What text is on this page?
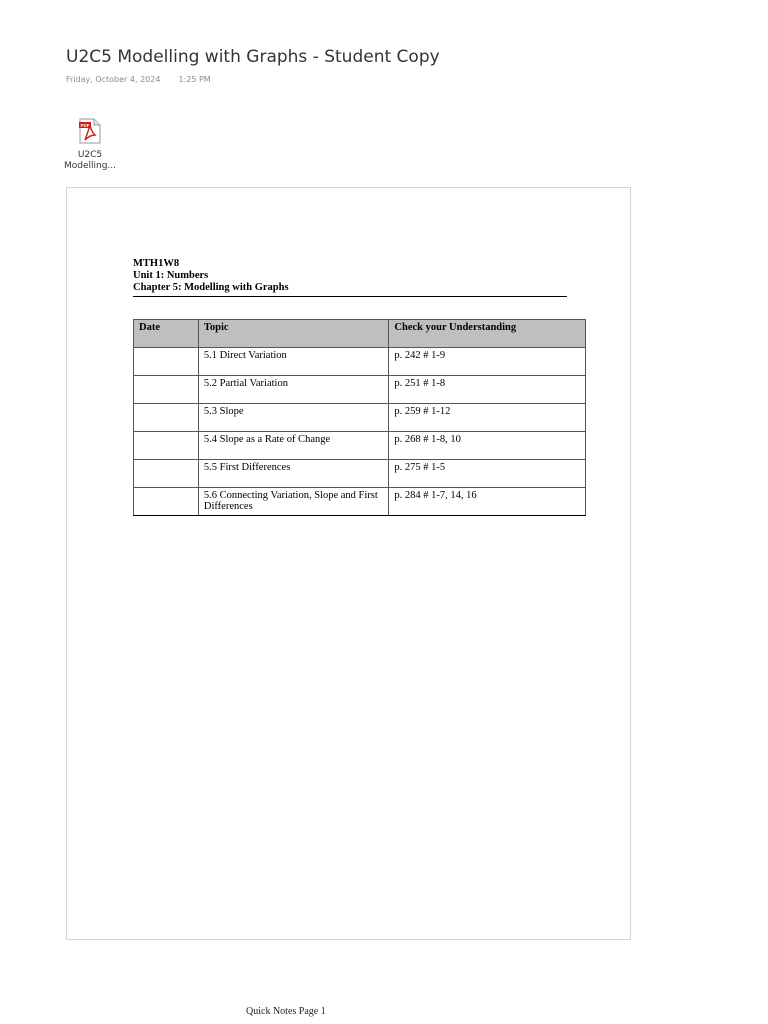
U2C5 Modelling with Graphs - Student Copy
Friday, October 4, 2024 1:25 PM
PDF
U2C5
Modelling...
MTH1W8
Unit 1: Numbers
Chapter 5: Modelling with Graphs
Date	Topic	Check your Understanding
	5.1 Direct Variation	p. 242 # 1-9
	5.2 Partial Variation	p. 251 # 1-8
	5.3 Slope	p. 259 # 1-12
	5.4 Slope as a Rate of Change	p. 268 # 1-8, 10
	5.5 First Differences	p. 275 # 1-5
	5.6 Connecting Variation, Slope and First Differences	p. 284 # 1-7, 14, 16
Quick Notes Page 1
